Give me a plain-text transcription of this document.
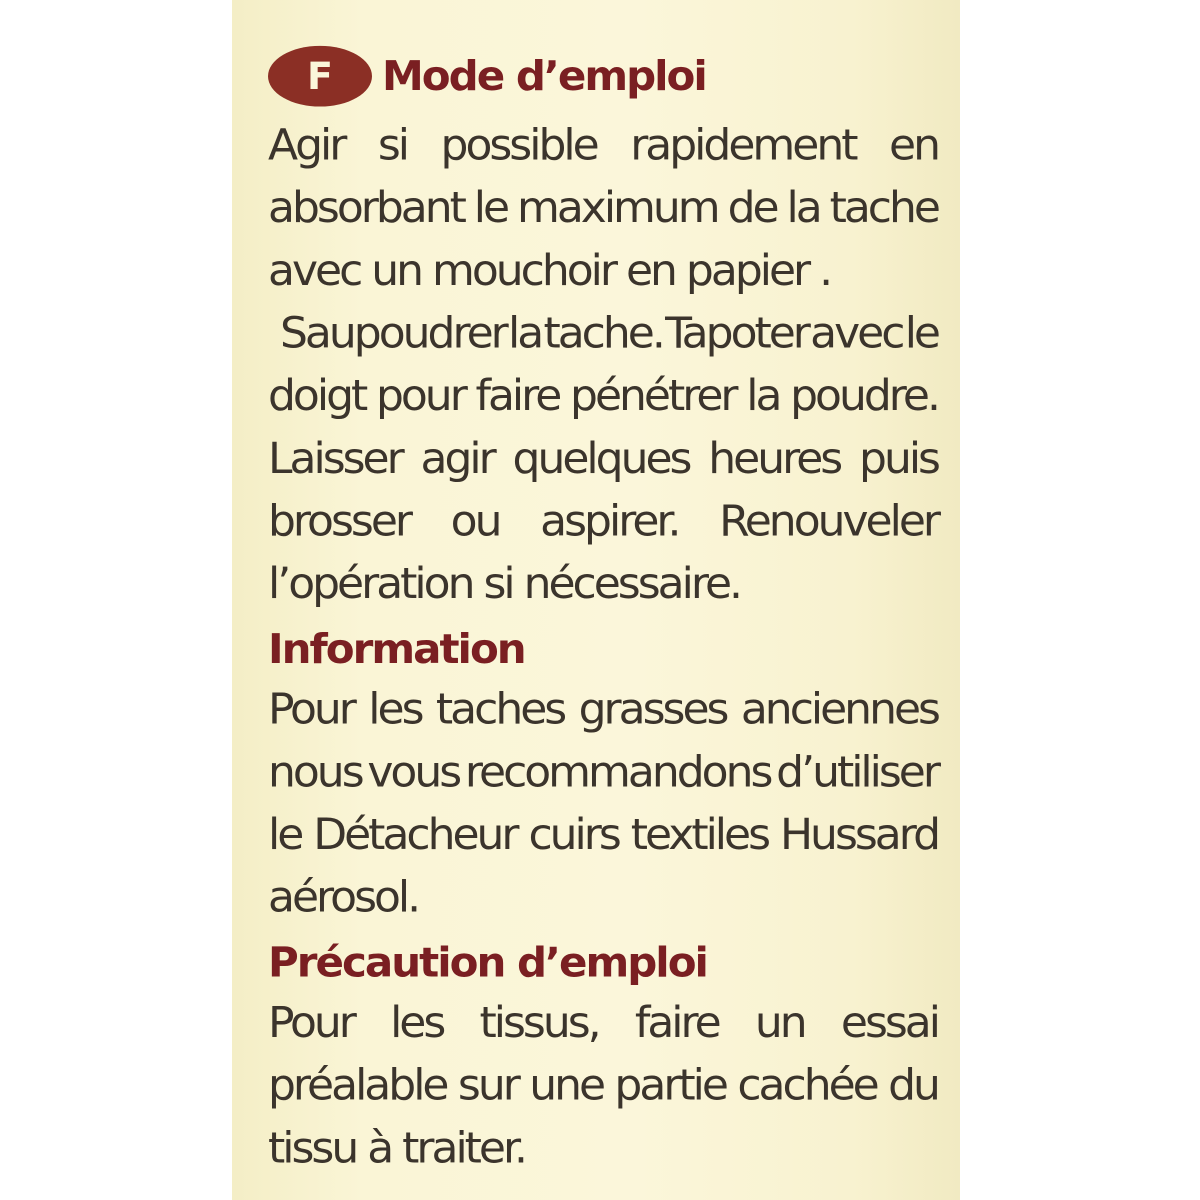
F Mode d’emploi
Agir si possible rapidement en
absorbant le maximum de la tache
avec un mouchoir en papier .
Saupoudrer la tache. Tapoter avec le
doigt pour faire pénétrer la poudre.
Laisser agir quelques heures puis
brosser ou aspirer. Renouveler
l’opération si nécessaire.
Information
Pour les taches grasses anciennes
nous vous recommandons d’utiliser
le Détacheur cuirs textiles Hussard
aérosol.
Précaution d’emploi
Pour les tissus, faire un essai
préalable sur une partie cachée du
tissu à traiter.
